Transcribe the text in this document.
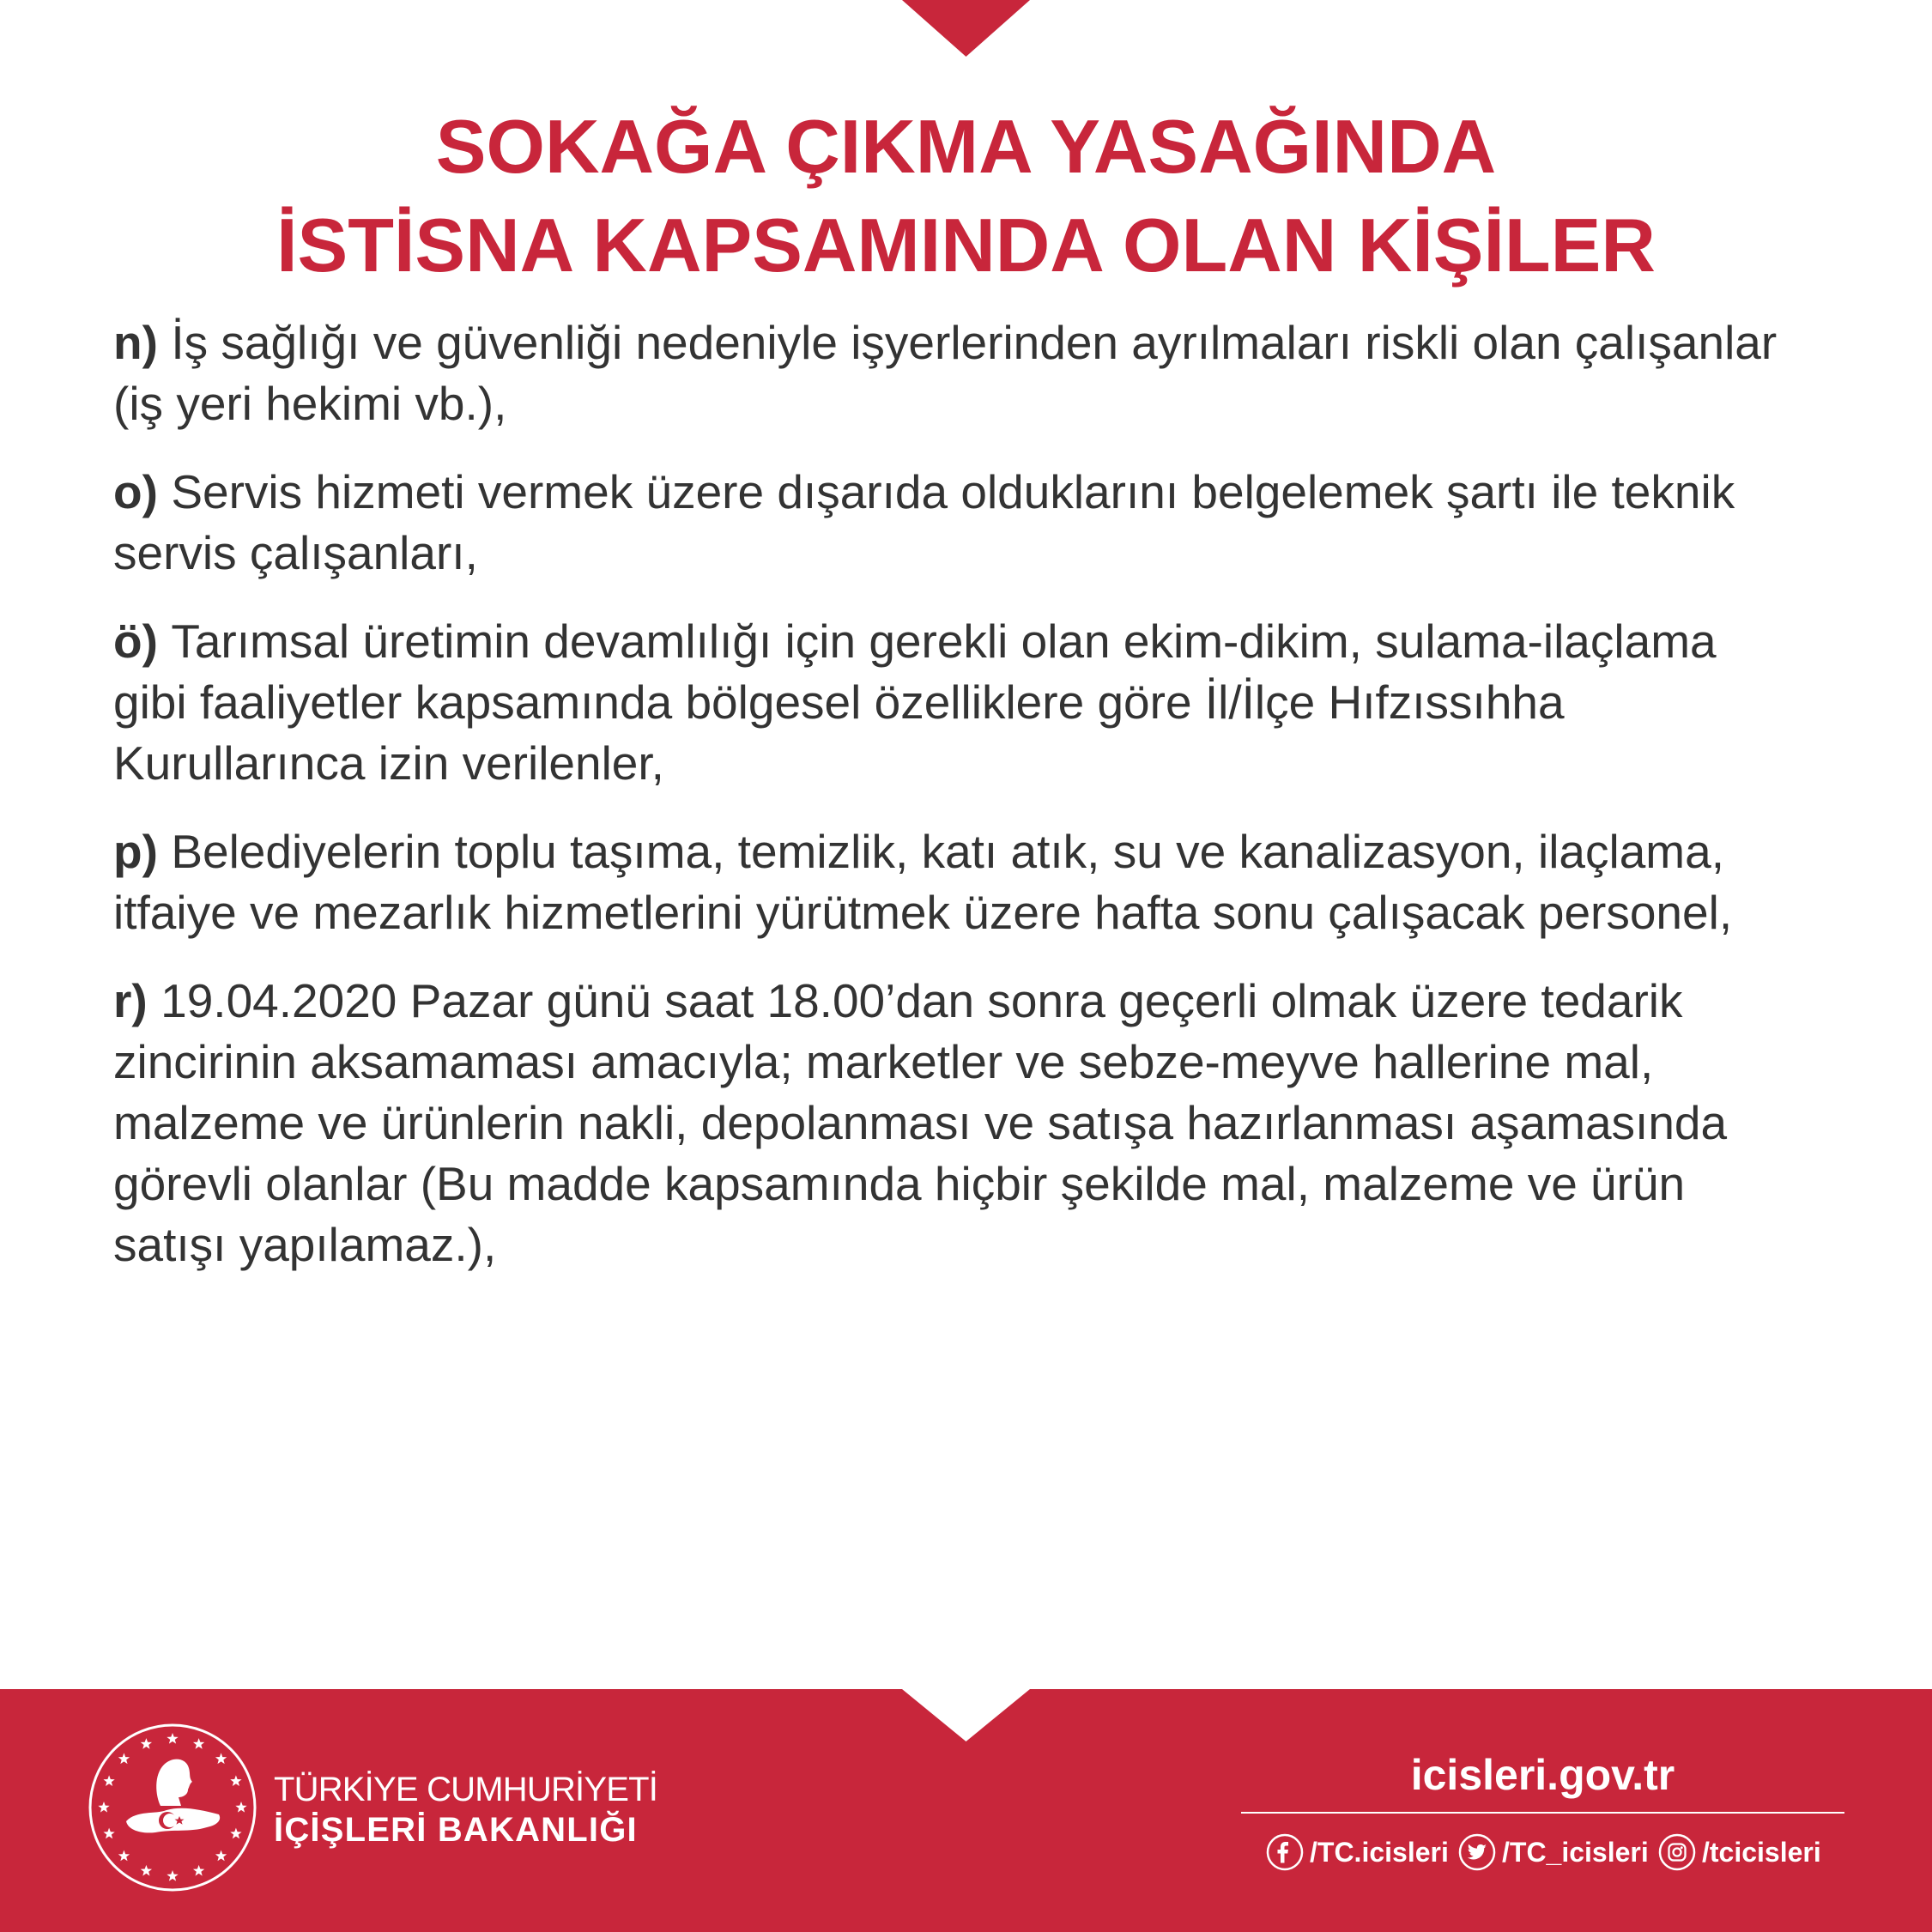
SOKAĞA ÇIKMA YASAĞINDA
İSTİSNA KAPSAMINDA OLAN KİŞİLER
n) İş sağlığı ve güvenliği nedeniyle işyerlerinden ayrılmaları riskli olan çalışanlar
(iş yeri hekimi vb.),
o) Servis hizmeti vermek üzere dışarıda olduklarını belgelemek şartı ile teknik
servis çalışanları,
ö) Tarımsal üretimin devamlılığı için gerekli olan ekim-dikim, sulama-ilaçlama
gibi faaliyetler kapsamında bölgesel özelliklere göre İl/İlçe Hıfzıssıhha
Kurullarınca izin verilenler,
p) Belediyelerin toplu taşıma, temizlik, katı atık, su ve kanalizasyon, ilaçlama,
itfaiye ve mezarlık hizmetlerini yürütmek üzere hafta sonu çalışacak personel,
r) 19.04.2020 Pazar günü saat 18.00’dan sonra geçerli olmak üzere tedarik
zincirinin aksamaması amacıyla; marketler ve sebze-meyve hallerine mal,
malzeme ve ürünlerin nakli, depolanması ve satışa hazırlanması aşamasında
görevli olanlar (Bu madde kapsamında hiçbir şekilde mal, malzeme ve ürün
satışı yapılamaz.),
TÜRKİYE CUMHURİYETİ
İÇİŞLERİ BAKANLIĞI
icisleri.gov.tr
/TC.icisleri /TC_icisleri /tcicisleri
